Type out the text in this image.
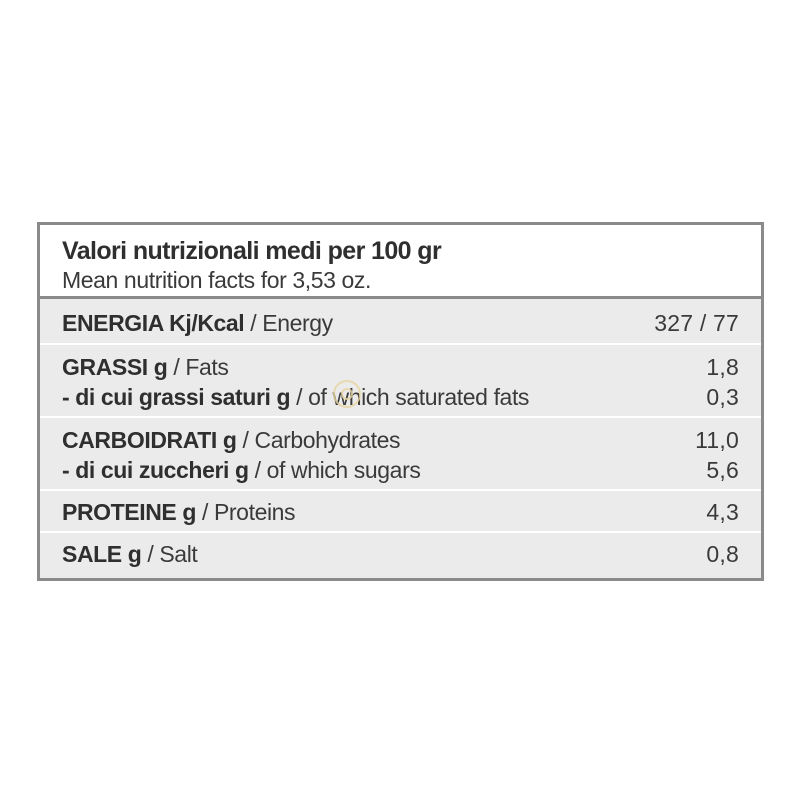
Valori nutrizionali medi per 100 gr
Mean nutrition facts for 3,53 oz.
ENERGIA Kj/Kcal / Energy	327 / 77
GRASSI g / Fats	1,8
- di cui grassi saturi g / of which saturated fats	0,3
CARBOIDRATI g / Carbohydrates	11,0
- di cui zuccheri g / of which sugars	5,6
PROTEINE g / Proteins	4,3
SALE g / Salt	0,8
